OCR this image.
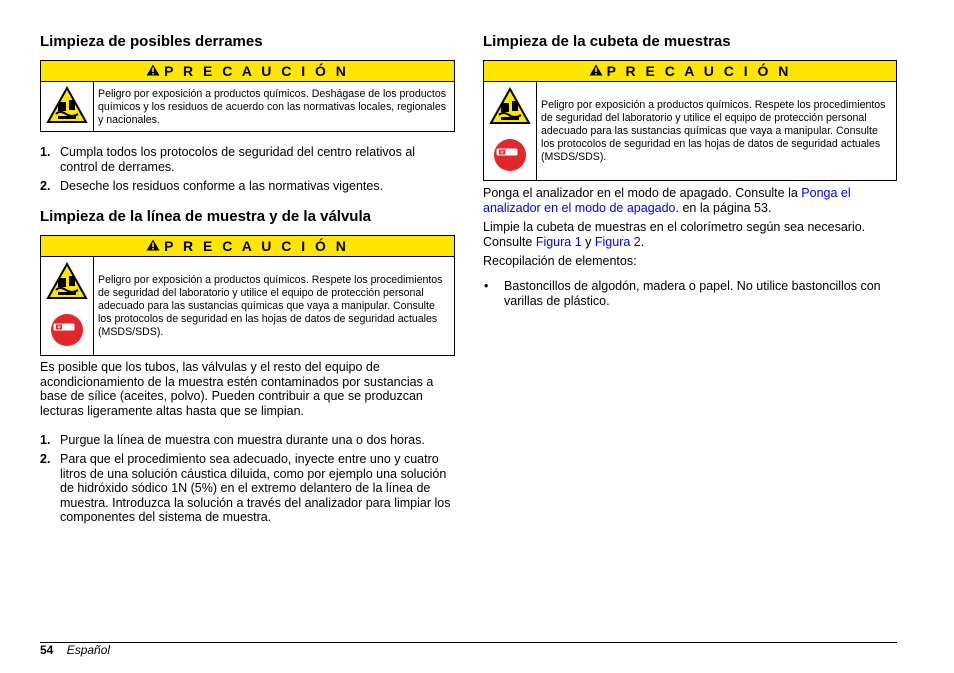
Limpieza de posibles derrames
P R E C A U C I Ó N
Peligro por exposición a productos químicos. Deshágase de los productos químicos y los residuos de acuerdo con las normativas locales, regionales y nacionales.
1. Cumpla todos los protocolos de seguridad del centro relativos al control de derrames.
2. Deseche los residuos conforme a las normativas vigentes.
Limpieza de la línea de muestra y de la válvula
P R E C A U C I Ó N
Peligro por exposición a productos químicos. Respete los procedimientos de seguridad del laboratorio y utilice el equipo de protección personal adecuado para las sustancias químicas que vaya a manipular. Consulte los protocolos de seguridad en las hojas de datos de seguridad actuales (MSDS/SDS).

Es posible que los tubos, las válvulas y el resto del equipo de acondicionamiento de la muestra estén contaminados por sustancias a base de sílice (aceites, polvo). Pueden contribuir a que se produzcan lecturas ligeramente altas hasta que se limpian.

1. Purgue la línea de muestra con muestra durante una o dos horas.
2. Para que el procedimiento sea adecuado, inyecte entre uno y cuatro litros de una solución cáustica diluida, como por ejemplo una solución de hidróxido sódico 1N (5%) en el extremo delantero de la línea de muestra. Introduzca la solución a través del analizador para limpiar los componentes del sistema de muestra.
Limpieza de la cubeta de muestras
P R E C A U C I Ó N
Peligro por exposición a productos químicos. Respete los procedimientos de seguridad del laboratorio y utilice el equipo de protección personal adecuado para las sustancias químicas que vaya a manipular. Consulte los protocolos de seguridad en las hojas de datos de seguridad actuales (MSDS/SDS).

Ponga el analizador en el modo de apagado. Consulte la Ponga el analizador en el modo de apagado. en la página 53.

Limpie la cubeta de muestras en el colorímetro según sea necesario. Consulte Figura 1 y Figura 2.

Recopilación de elementos:

•	Bastoncillos de algodón, madera o papel. No utilice bastoncillos con varillas de plástico.
54 Español
